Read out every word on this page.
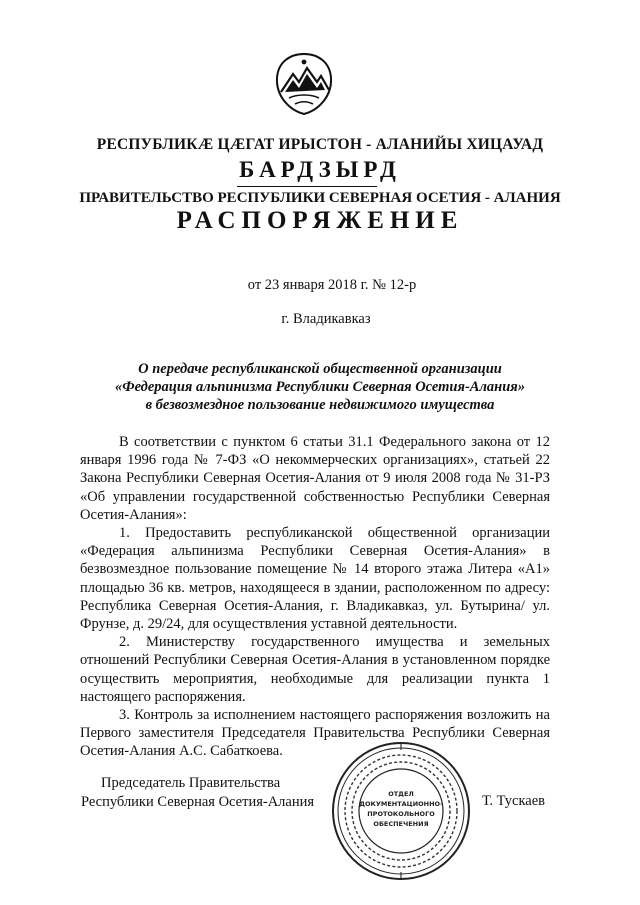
РЕСПУБЛИКӔ ЦӔГАТ ИРЫСТОН - АЛАНИЙЫ ХИЦАУАД
БАРДЗЫРД
ПРАВИТЕЛЬСТВО РЕСПУБЛИКИ СЕВЕРНАЯ ОСЕТИЯ - АЛАНИЯ
РАСПОРЯЖЕНИЕ
от 23 января 2018 г. № 12-р
г. Владикавказ
О передаче республиканской общественной организации
«Федерация альпинизма Республики Северная Осетия-Алания»
в безвозмездное пользование недвижимого имущества

В соответствии с пунктом 6 статьи 31.1 Федерального закона от 12 января 1996 года № 7-ФЗ «О некоммерческих организациях», статьей 22 Закона Республики Северная Осетия-Алания от 9 июля 2008 года № 31-РЗ «Об управлении государственной собственностью Республики Северная Осетия-Алания»:

1. Предоставить республиканской общественной организации «Федерация альпинизма Республики Северная Осетия-Алания» в безвозмездное пользование помещение № 14 второго этажа Литера «А1» площадью 36 кв. метров, находящееся в здании, расположенном по адресу: Республика Северная Осетия-Алания, г. Владикавказ, ул. Бутырина/ ул. Фрунзе, д. 29/24, для осуществления уставной деятельности.

2. Министерству государственного имущества и земельных отношений Республики Северная Осетия-Алания в установленном порядке осуществить мероприятия, необходимые для реализации пункта 1 настоящего распоряжения.

3. Контроль за исполнением настоящего распоряжения возложить на Первого заместителя Председателя Правительства Республики Северная Осетия-Алания А.С. Сабаткоева.

Председатель Правительства
Республики Северная Осетия-Алания	Т. Тускаев
ОТДЕЛ
ДОКУМЕНТАЦИОННО-
ПРОТОКОЛЬНОГО
ОБЕСПЕЧЕНИЯ
